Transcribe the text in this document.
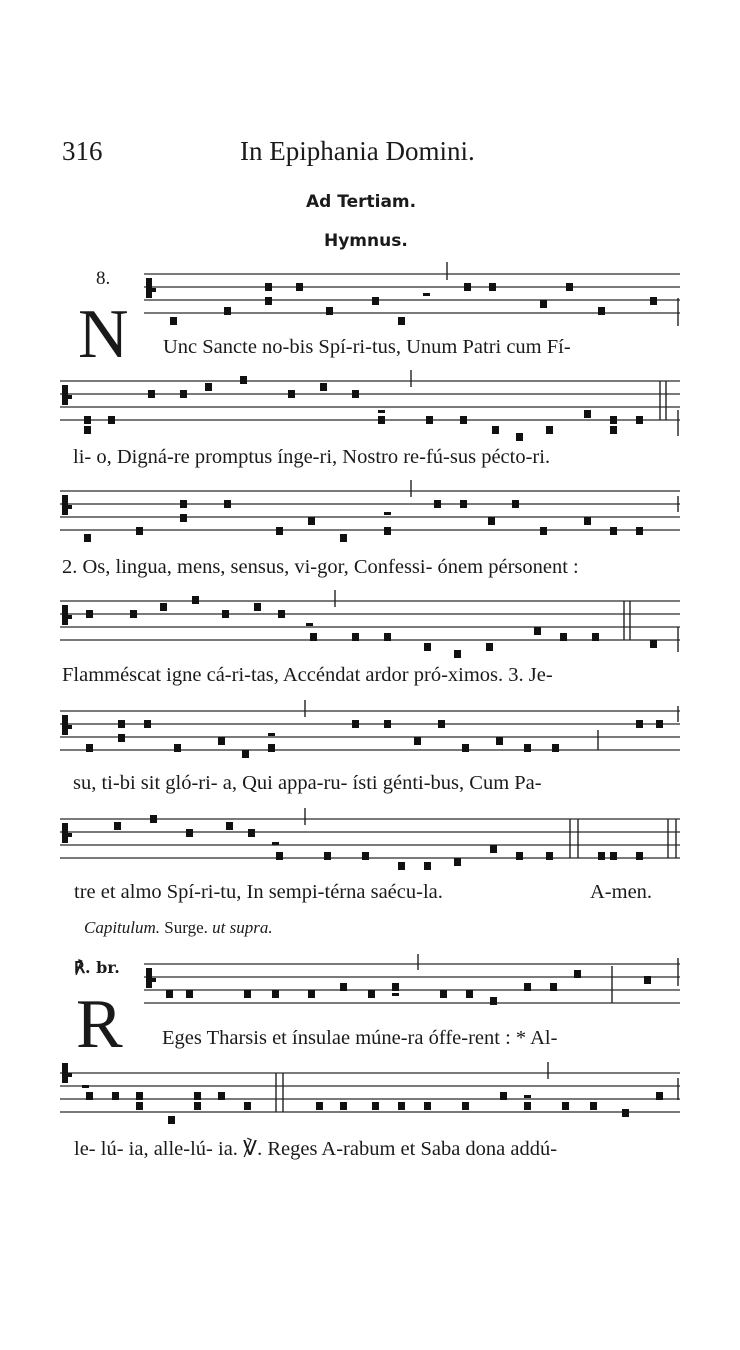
316	In Epiphania Domini.
Ad Tertiam.
Hymnus.
8.
N Unc Sancte no-bis Spí-ri-tus, Unum Patri cum Fí-
li- o, Digná-re promptus ínge-ri, Nostro re-fú-sus pécto-ri.
2. Os, lingua, mens, sensus, vi-gor, Confessi- ónem pérsonent :
Flamméscat igne cá-ri-tas, Accéndat ardor pró-ximos. 3. Je-
su, ti-bi sit gló-ri- a, Qui appa-ru- ísti génti-bus, Cum Pa-
tre et almo Spí-ri-tu, In sempi-térna saécu-la.	A-men.
Capitulum. Surge. ut supra.
℟. br.
R Eges Tharsis et ínsulae múne-ra óffe-rent : * Al-
le- lú- ia, alle-lú- ia. ℣. Reges A-rabum et Saba dona addú-
